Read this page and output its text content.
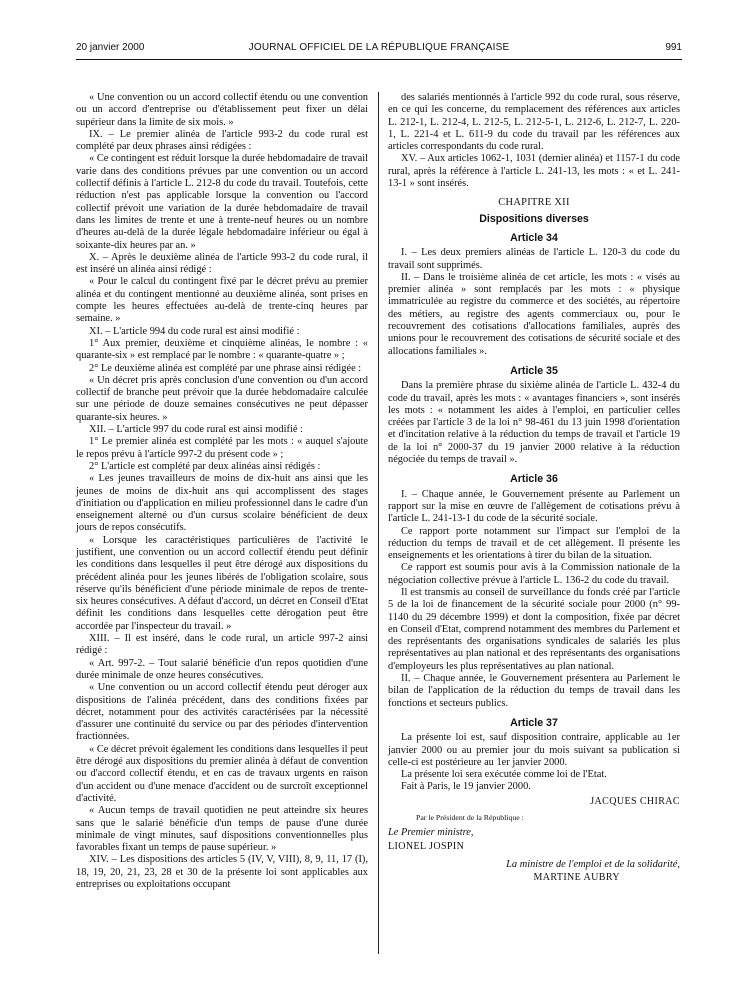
20 janvier 2000	JOURNAL OFFICIEL DE LA RÉPUBLIQUE FRANÇAISE	991

« Une convention ou un accord collectif étendu ou une convention ou un accord d'entreprise ou d'établissement peut fixer un délai supérieur dans la limite de six mois. »

IX. – Le premier alinéa de l'article 993-2 du code rural est complété par deux phrases ainsi rédigées :

« Ce contingent est réduit lorsque la durée hebdomadaire de travail varie dans des conditions prévues par une convention ou un accord collectif définis à l'article L. 212-8 du code du travail. Toutefois, cette réduction n'est pas applicable lorsque la convention ou l'accord collectif prévoit une variation de la durée hebdomadaire de travail dans les limites de trente et une à trente-neuf heures ou un nombre d'heures au-delà de la durée légale hebdomadaire inférieur ou égal à soixante-dix heures par an. »

X. – Après le deuxième alinéa de l'article 993-2 du code rural, il est inséré un alinéa ainsi rédigé :

« Pour le calcul du contingent fixé par le décret prévu au premier alinéa et du contingent mentionné au deuxième alinéa, sont prises en compte les heures effectuées au-delà de trente-cinq heures par semaine. »

XI. – L'article 994 du code rural est ainsi modifié :

1° Aux premier, deuxième et cinquième alinéas, le nombre : « quarante-six » est remplacé par le nombre : « quarante-quatre » ;

2° Le deuxième alinéa est complété par une phrase ainsi rédigée :

« Un décret pris après conclusion d'une convention ou d'un accord collectif de branche peut prévoir que la durée hebdomadaire calculée sur une période de douze semaines consécutives ne peut dépasser quarante-six heures. »

XII. – L'article 997 du code rural est ainsi modifié :

1° Le premier alinéa est complété par les mots : « auquel s'ajoute le repos prévu à l'article 997-2 du présent code » ;

2° L'article est complété par deux alinéas ainsi rédigés :

« Les jeunes travailleurs de moins de dix-huit ans ainsi que les jeunes de moins de dix-huit ans qui accomplissent des stages d'initiation ou d'application en milieu professionnel dans le cadre d'un enseignement alterné ou d'un cursus scolaire bénéficient de deux jours de repos consécutifs.

« Lorsque les caractéristiques particulières de l'activité le justifient, une convention ou un accord collectif étendu peut définir les conditions dans lesquelles il peut être dérogé aux dispositions du précédent alinéa pour les jeunes libérés de l'obligation scolaire, sous réserve qu'ils bénéficient d'une période minimale de repos de trente-six heures consécutives. A défaut d'accord, un décret en Conseil d'Etat définit les conditions dans lesquelles cette dérogation peut être accordée par l'inspecteur du travail. »

XIII. – Il est inséré, dans le code rural, un article 997-2 ainsi rédigé :

« Art. 997-2. – Tout salarié bénéficie d'un repos quotidien d'une durée minimale de onze heures consécutives.

« Une convention ou un accord collectif étendu peut déroger aux dispositions de l'alinéa précédent, dans des conditions fixées par décret, notamment pour des activités caractérisées par la nécessité d'assurer une continuité du service ou par des périodes d'intervention fractionnées.

« Ce décret prévoit également les conditions dans lesquelles il peut être dérogé aux dispositions du premier alinéa à défaut de convention ou d'accord collectif étendu, et en cas de travaux urgents en raison d'un accident ou d'une menace d'accident ou de surcroît exceptionnel d'activité.

« Aucun temps de travail quotidien ne peut atteindre six heures sans que le salarié bénéficie d'un temps de pause d'une durée minimale de vingt minutes, sauf dispositions conventionnelles plus favorables fixant un temps de pause supérieur. »

XIV. – Les dispositions des articles 5 (IV, V, VIII), 8, 9, 11, 17 (I), 18, 19, 20, 21, 23, 28 et 30 de la présente loi sont applicables aux entreprises ou exploitations occupant

des salariés mentionnés à l'article 992 du code rural, sous réserve, en ce qui les concerne, du remplacement des références aux articles L. 212-1, L. 212-4, L. 212-5, L. 212-5-1, L. 212-6, L. 212-7, L. 220-1, L. 221-4 et L. 611-9 du code du travail par les références aux articles correspondants du code rural.

XV. – Aux articles 1062-1, 1031 (dernier alinéa) et 1157-1 du code rural, après la référence à l'article L. 241-13, les mots : « et L. 241-13-1 » sont insérés.

CHAPITRE XII
Dispositions diverses
Article 34

I. – Les deux premiers alinéas de l'article L. 120-3 du code du travail sont supprimés.

II. – Dans le troisième alinéa de cet article, les mots : « visés au premier alinéa » sont remplacés par les mots : « physique immatriculée au registre du commerce et des sociétés, au répertoire des métiers, au registre des agents commerciaux ou, pour le recouvrement des cotisations d'allocations familiales, auprès des unions pour le recouvrement des cotisations de sécurité sociale et des allocations familiales ».

Article 35

Dans la première phrase du sixième alinéa de l'article L. 432-4 du code du travail, après les mots : « avantages financiers », sont insérés les mots : « notamment les aides à l'emploi, en particulier celles créées par l'article 3 de la loi n° 98-461 du 13 juin 1998 d'orientation et d'incitation relative à la réduction du temps de travail et l'article 19 de la loi n° 2000-37 du 19 janvier 2000 relative à la réduction négociée du temps de travail ».

Article 36

I. – Chaque année, le Gouvernement présente au Parlement un rapport sur la mise en œuvre de l'allègement de cotisations prévu à l'article L. 241-13-1 du code de la sécurité sociale.

Ce rapport porte notamment sur l'impact sur l'emploi de la réduction du temps de travail et de cet allègement. Il présente les enseignements et les orientations à tirer du bilan de la situation.

Ce rapport est soumis pour avis à la Commission nationale de la négociation collective prévue à l'article L. 136-2 du code du travail.

Il est transmis au conseil de surveillance du fonds créé par l'article 5 de la loi de financement de la sécurité sociale pour 2000 (n° 99-1140 du 29 décembre 1999) et dont la composition, fixée par décret en Conseil d'Etat, comprend notamment des membres du Parlement et des représentants des organisations syndicales de salariés les plus représentatives au plan national et des représentants des organisations d'employeurs les plus représentatives au plan national.

II. – Chaque année, le Gouvernement présentera au Parlement le bilan de l'application de la réduction du temps de travail dans les fonctions et secteurs publics.

Article 37

La présente loi est, sauf disposition contraire, applicable au 1er janvier 2000 ou au premier jour du mois suivant sa publication si celle-ci est postérieure au 1er janvier 2000.

La présente loi sera exécutée comme loi de l'Etat.

Fait à Paris, le 19 janvier 2000.

JACQUES CHIRAC
Par le Président de la République :
Le Premier ministre,
LIONEL JOSPIN
La ministre de l'emploi et de la solidarité,
MARTINE AUBRY
